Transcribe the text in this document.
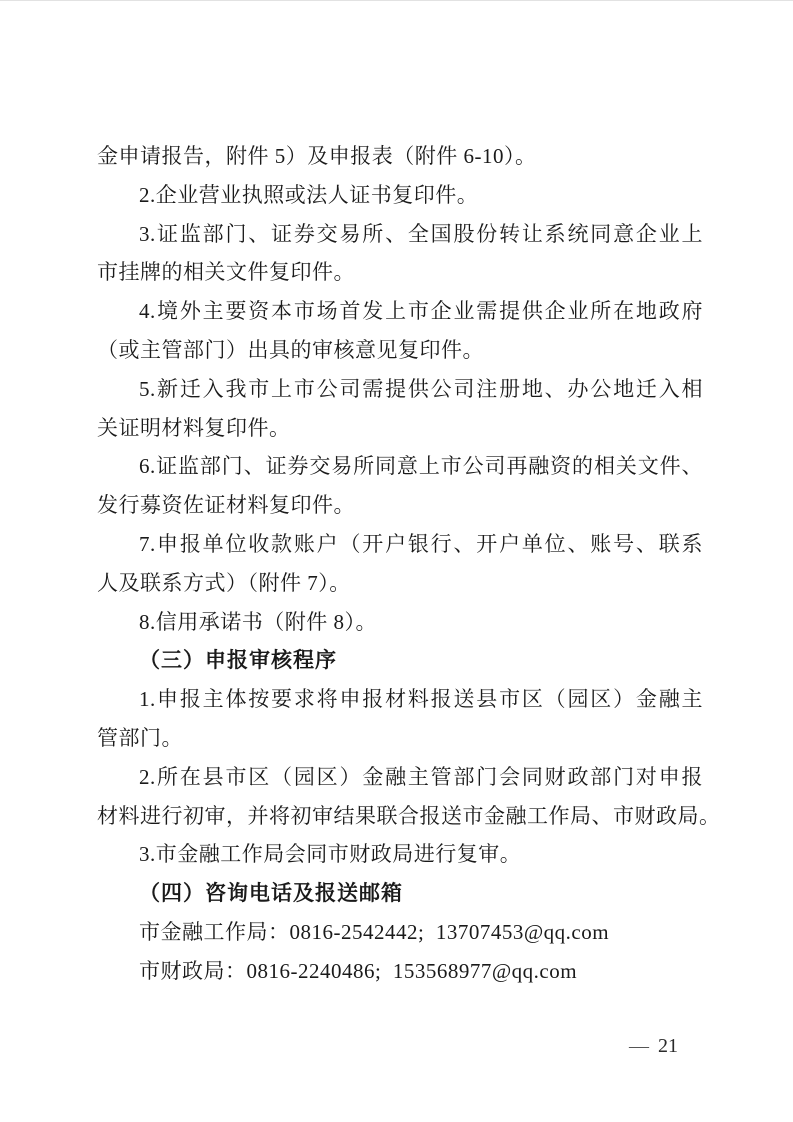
金申请报告，附件 5）及申报表（附件 6-10）。
2.企业营业执照或法人证书复印件。
3.证监部门、证券交易所、全国股份转让系统同意企业上
市挂牌的相关文件复印件。
4.境外主要资本市场首发上市企业需提供企业所在地政府
（或主管部门）出具的审核意见复印件。
5.新迁入我市上市公司需提供公司注册地、办公地迁入相
关证明材料复印件。
6.证监部门、证券交易所同意上市公司再融资的相关文件、
发行募资佐证材料复印件。
7.申报单位收款账户（开户银行、开户单位、账号、联系
人及联系方式）（附件 7）。
8.信用承诺书（附件 8）。
（三）申报审核程序
1.申报主体按要求将申报材料报送县市区（园区）金融主
管部门。
2.所在县市区（园区）金融主管部门会同财政部门对申报
材料进行初审，并将初审结果联合报送市金融工作局、市财政局。
3.市金融工作局会同市财政局进行复审。
（四）咨询电话及报送邮箱
市金融工作局：0816-2542442;  13707453@qq.com
市财政局：0816-2240486;  153568977@qq.com
— 21
